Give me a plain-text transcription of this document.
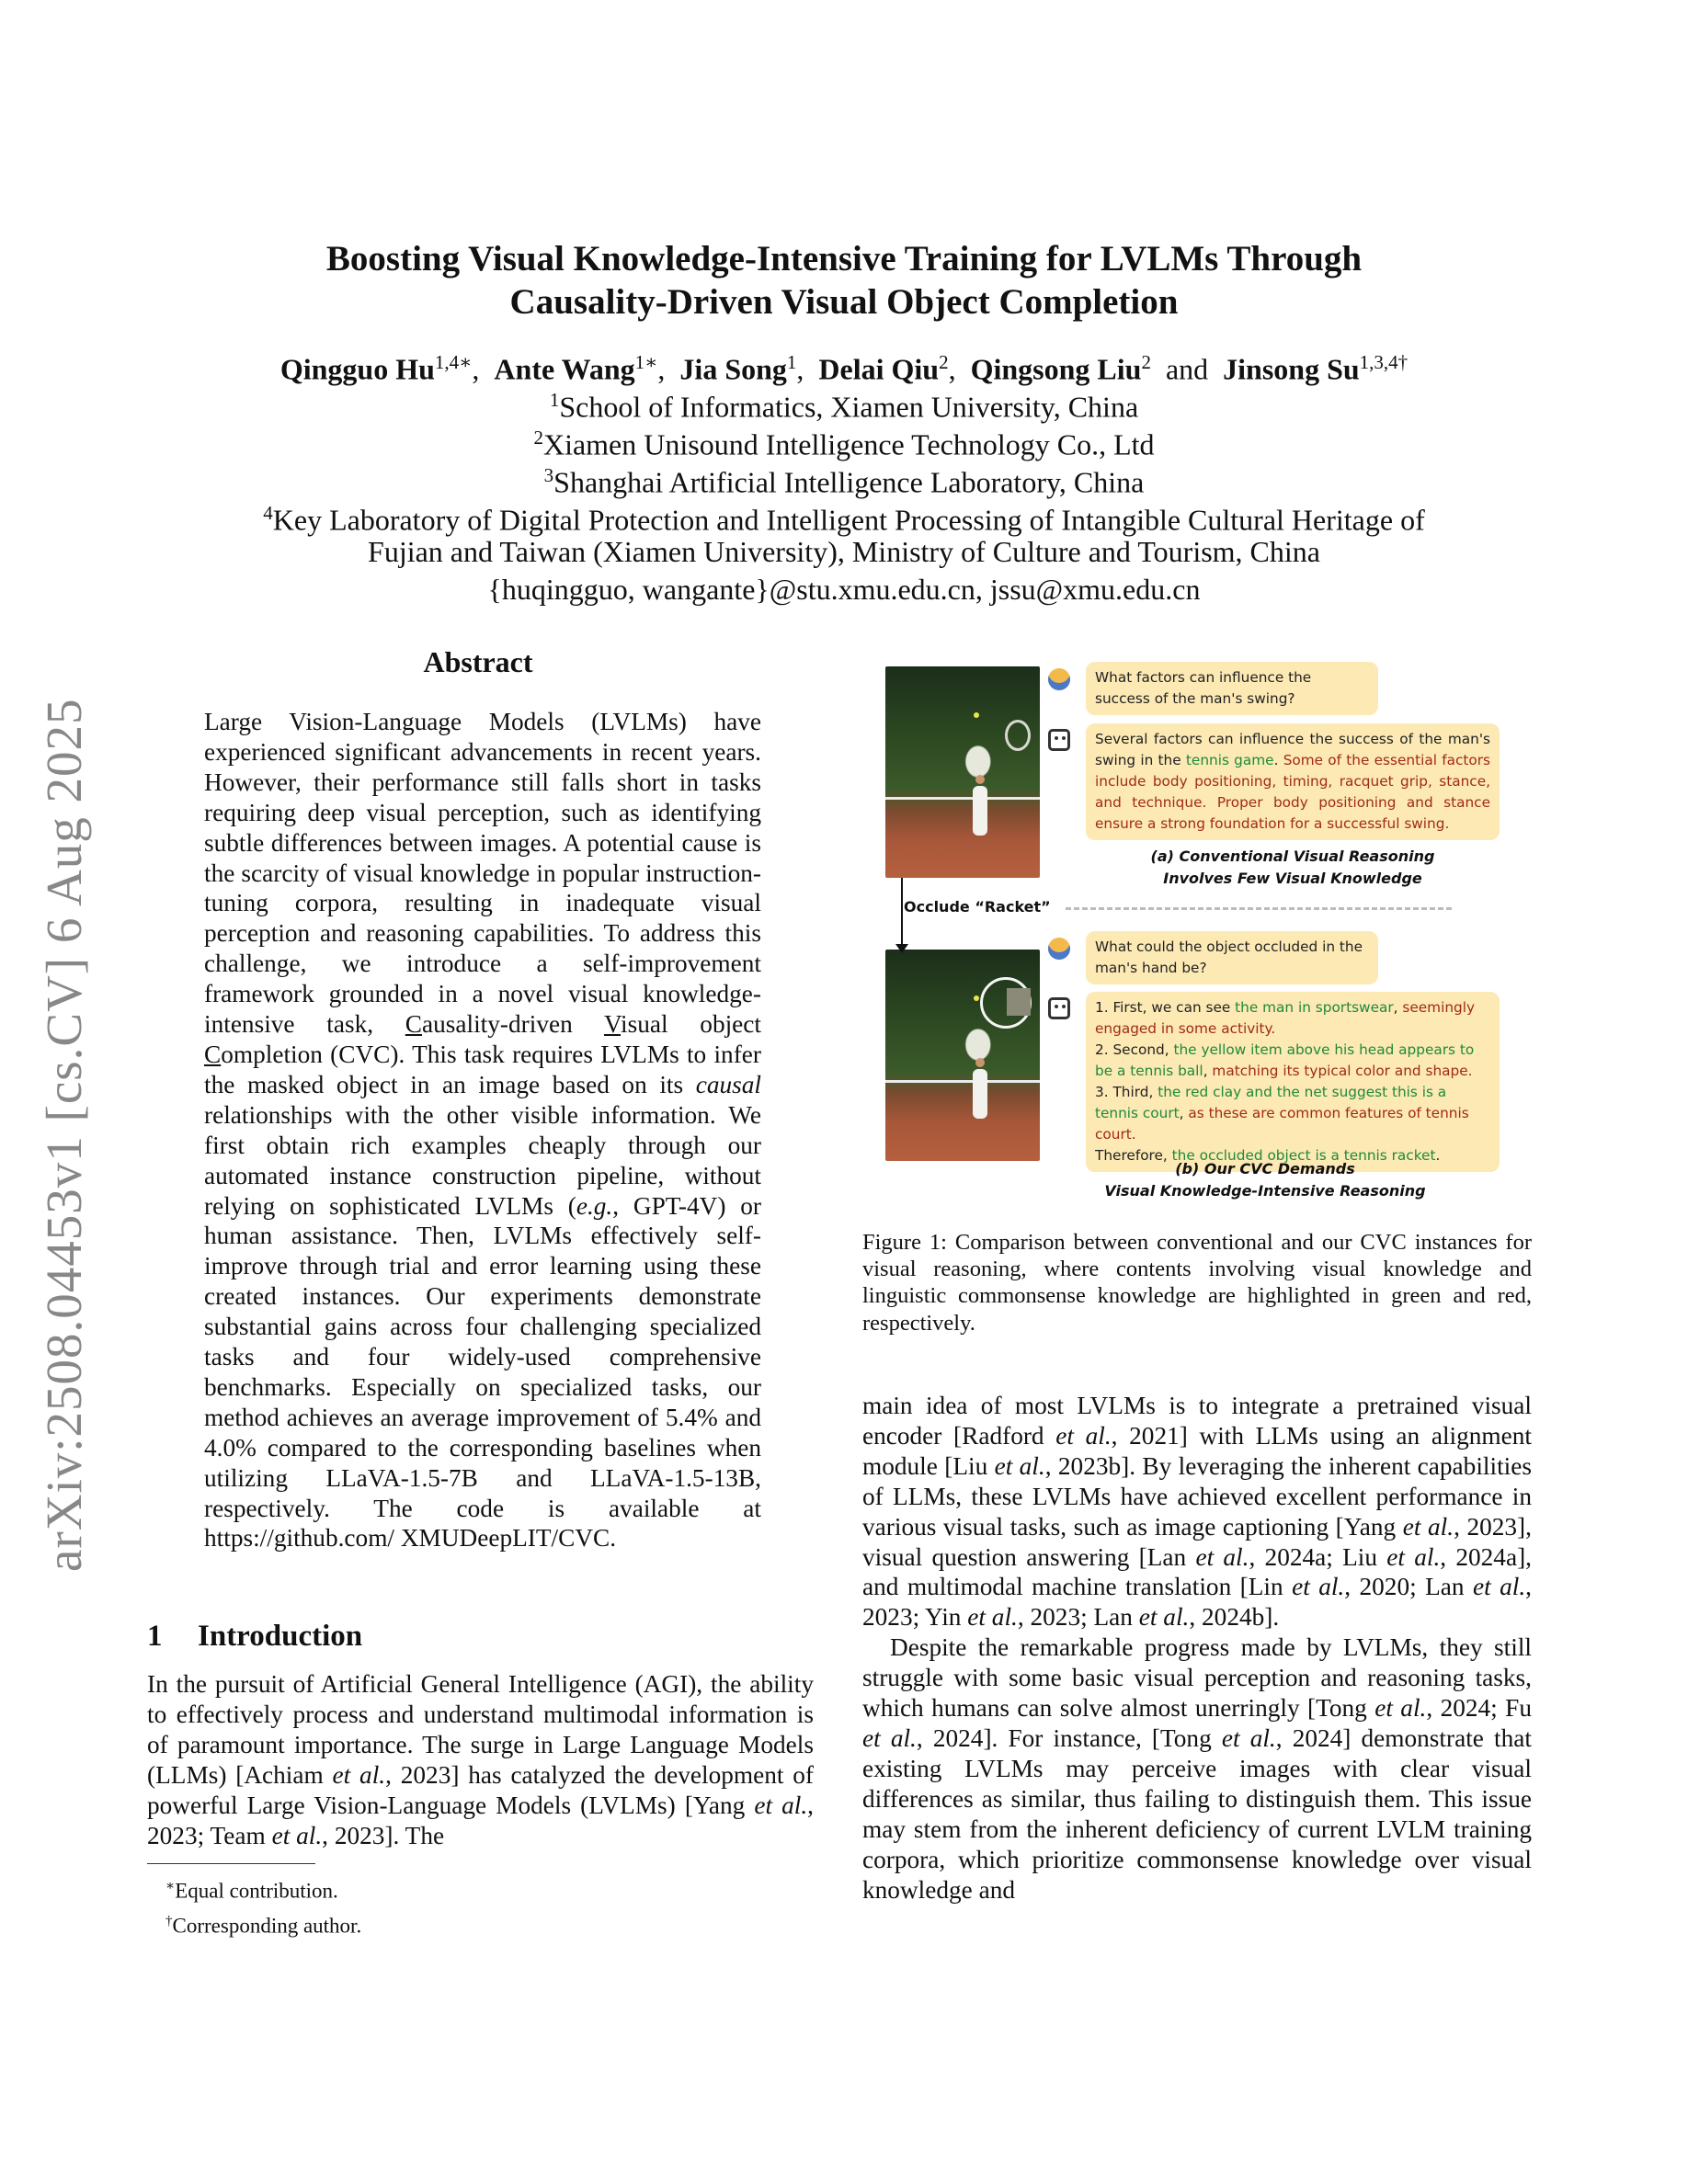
arXiv:2508.04453v1 [cs.CV] 6 Aug 2025
Boosting Visual Knowledge-Intensive Training for LVLMs Through
Causality-Driven Visual Object Completion
Qingguo $Hu^{1,4∗}$,  Ante Wang$^{1∗}$,  Jia Song$^1$,  Delai Qiu$^2$,  Qingsong Liu$^2$ and Jinsong $Su^{1,3,4\dagger}$
$^1$School of Informatics, Xiamen University, China
$^2$Xiamen Unisound Intelligence Technology Co., Ltd
$^3$Shanghai Artificial Intelligence Laboratory, China
$^4$Key Laboratory of Digital Protection and Intelligent Processing of Intangible Cultural Heritage of
Fujian and Taiwan (Xiamen University), Ministry of Culture and Tourism, China
{huqingguo, wangante}@stu.xmu.edu.cn, jssu@xmu.edu.cn
Abstract
Large Vision-Language Models (LVLMs) have experienced significant advancements in recent years. However, their performance still falls short in tasks requiring deep visual perception, such as identifying subtle differences between images. A potential cause is the scarcity of visual knowledge in popular instruction-tuning corpora, resulting in inadequate visual perception and reasoning capabilities. To address this challenge, we introduce a self-improvement framework grounded in a novel visual knowledge-intensive task, Causality-driven Visual object Completion (CVC). This task requires LVLMs to infer the masked object in an image based on its causal relationships with the other visible information. We first obtain rich examples cheaply through our automated instance construction pipeline, without relying on sophisticated LVLMs (e.g., GPT-4V) or human assistance. Then, LVLMs effectively self-improve through trial and error learning using these created instances. Our experiments demonstrate substantial gains across four challenging specialized tasks and four widely-used comprehensive benchmarks. Especially on specialized tasks, our method achieves an average improvement of 5.4% and 4.0% compared to the corresponding baselines when utilizing LLaVA-1.5-7B and LLaVA-1.5-13B, respectively. The code is available at https://github.com/ XMUDeepLIT/CVC.
1 Introduction
In the pursuit of Artificial General Intelligence (AGI), the ability to effectively process and understand multimodal information is of paramount importance. The surge in Large Language Models (LLMs) [Achiam et al., 2023] has catalyzed the development of powerful Large Vision-Language Models (LVLMs) [Yang et al., 2023; Team et al., 2023]. The
∗Equal contribution.
†Corresponding author.
Occlude “Racket”
What factors can influence the success of the man's swing?
Several factors can influence the success of the man's swing in the tennis game. Some of the essential factors include body positioning, timing, racquet grip, stance, and technique. Proper body positioning and stance ensure a strong foundation for a successful swing.
(a) Conventional Visual Reasoning
Involves Few Visual Knowledge
What could the object occluded in the man's hand be?
1. First, we can see the man in sportswear, seemingly engaged in some activity.
2. Second, the yellow item above his head appears to be a tennis ball, matching its typical color and shape.
3. Third, the red clay and the net suggest this is a tennis court, as these are common features of tennis court.
Therefore, the occluded object is a tennis racket.
(b) Our CVC Demands
Visual Knowledge-Intensive Reasoning
Figure 1: Comparison between conventional and our CVC instances for visual reasoning, where contents involving visual knowledge and linguistic commonsense knowledge are highlighted in green and red, respectively.

main idea of most LVLMs is to integrate a pretrained visual encoder [Radford et al., 2021] with LLMs using an alignment module [Liu et al., 2023b]. By leveraging the inherent capabilities of LLMs, these LVLMs have achieved excellent performance in various visual tasks, such as image captioning [Yang et al., 2023], visual question answering [Lan et al., 2024a; Liu et al., 2024a], and multimodal machine translation [Lin et al., 2020; Lan et al., 2023; Yin et al., 2023; Lan et al., 2024b].

Despite the remarkable progress made by LVLMs, they still struggle with some basic visual perception and reasoning tasks, which humans can solve almost unerringly [Tong et al., 2024; Fu et al., 2024]. For instance, [Tong et al., 2024] demonstrate that existing LVLMs may perceive images with clear visual differences as similar, thus failing to distinguish them. This issue may stem from the inherent deficiency of current LVLM training corpora, which prioritize commonsense knowledge over visual knowledge and
